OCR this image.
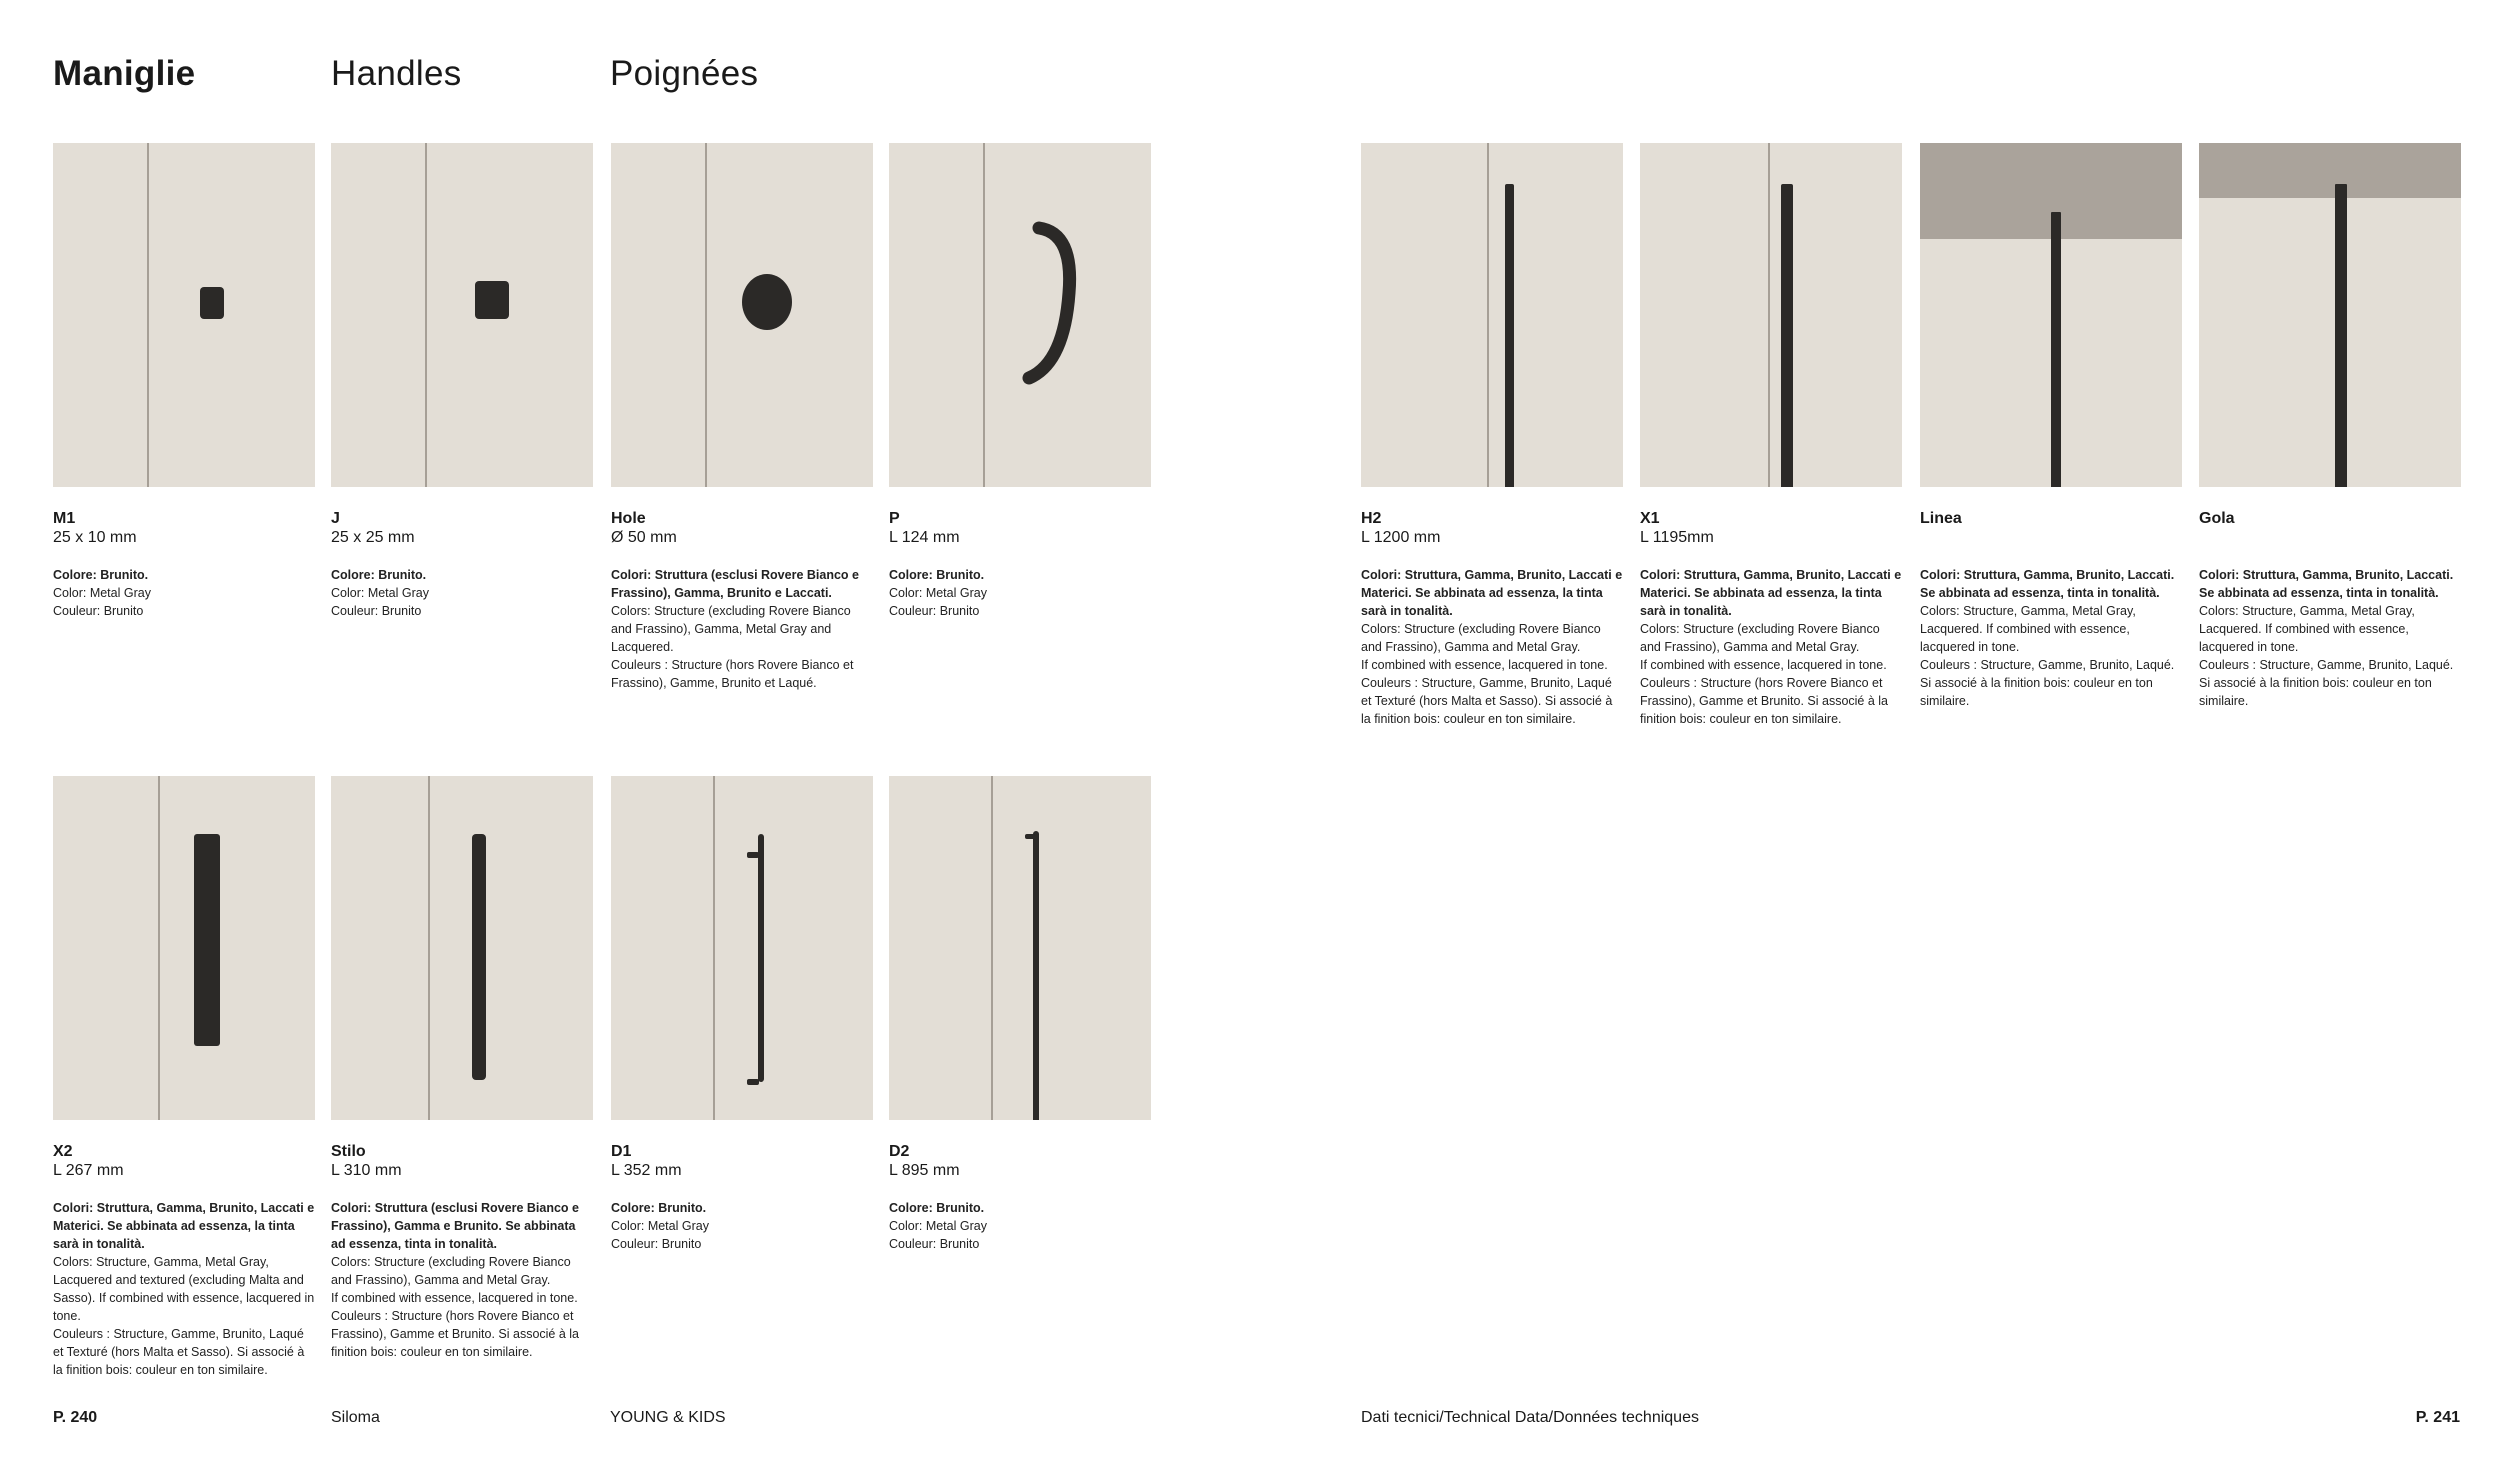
Maniglie	Handles	Poignées
M1
25 x 10 mm
Colore: Brunito.
Color: Metal Gray
Couleur: Brunito
J
25 x 25 mm
Colore: Brunito.
Color: Metal Gray
Couleur: Brunito
Hole
Ø 50 mm
Colori: Struttura (esclusi Rovere Bianco e Frassino), Gamma, Brunito e Laccati.
Colors: Structure (excluding Rovere Bianco and Frassino), Gamma, Metal Gray and Lacquered.
Couleurs : Structure (hors Rovere Bianco et Frassino), Gamme, Brunito et Laqué.
P
L 124 mm
Colore: Brunito.
Color: Metal Gray
Couleur: Brunito
H2
L 1200 mm
Colori: Struttura, Gamma, Brunito, Laccati e Materici. Se abbinata ad essenza, la tinta sarà in tonalità.
Colors: Structure (excluding Rovere Bianco and Frassino), Gamma and Metal Gray.
If combined with essence, lacquered in tone.
Couleurs : Structure, Gamme, Brunito, Laqué et Texturé (hors Malta et Sasso). Si associé à la finition bois: couleur en ton similaire.
X1
L 1195mm
Colori: Struttura, Gamma, Brunito, Laccati e Materici. Se abbinata ad essenza, la tinta sarà in tonalità.
Colors: Structure (excluding Rovere Bianco and Frassino), Gamma and Metal Gray.
If combined with essence, lacquered in tone.
Couleurs : Structure (hors Rovere Bianco et Frassino), Gamme et Brunito. Si associé à la finition bois: couleur en ton similaire.
Linea
Colori: Struttura, Gamma, Brunito, Laccati. Se abbinata ad essenza, tinta in tonalità.
Colors: Structure, Gamma, Metal Gray, Lacquered. If combined with essence, lacquered in tone.
Couleurs : Structure, Gamme, Brunito, Laqué. Si associé à la finition bois: couleur en ton similaire.
Gola
Colori: Struttura, Gamma, Brunito, Laccati. Se abbinata ad essenza, tinta in tonalità.
Colors: Structure, Gamma, Metal Gray, Lacquered. If combined with essence, lacquered in tone.
Couleurs : Structure, Gamme, Brunito, Laqué. Si associé à la finition bois: couleur en ton similaire.
X2
L 267 mm
Colori: Struttura, Gamma, Brunito, Laccati e Materici. Se abbinata ad essenza, la tinta sarà in tonalità.
Colors: Structure, Gamma, Metal Gray, Lacquered and textured (excluding Malta and Sasso). If combined with essence, lacquered in tone.
Couleurs : Structure, Gamme, Brunito, Laqué et Texturé (hors Malta et Sasso). Si associé à la finition bois: couleur en ton similaire.
Stilo
L 310 mm
Colori: Struttura (esclusi Rovere Bianco e Frassino), Gamma e Brunito. Se abbinata ad essenza, tinta in tonalità.
Colors: Structure (excluding Rovere Bianco and Frassino), Gamma and Metal Gray.
If combined with essence, lacquered in tone.
Couleurs : Structure (hors Rovere Bianco et Frassino), Gamme et Brunito. Si associé à la finition bois: couleur en ton similaire.
D1
L 352 mm
Colore: Brunito.
Color: Metal Gray
Couleur: Brunito
D2
L 895 mm
Colore: Brunito.
Color: Metal Gray
Couleur: Brunito
P. 240	Siloma	YOUNG & KIDS	Dati tecnici/Technical Data/Données techniques	P. 241
